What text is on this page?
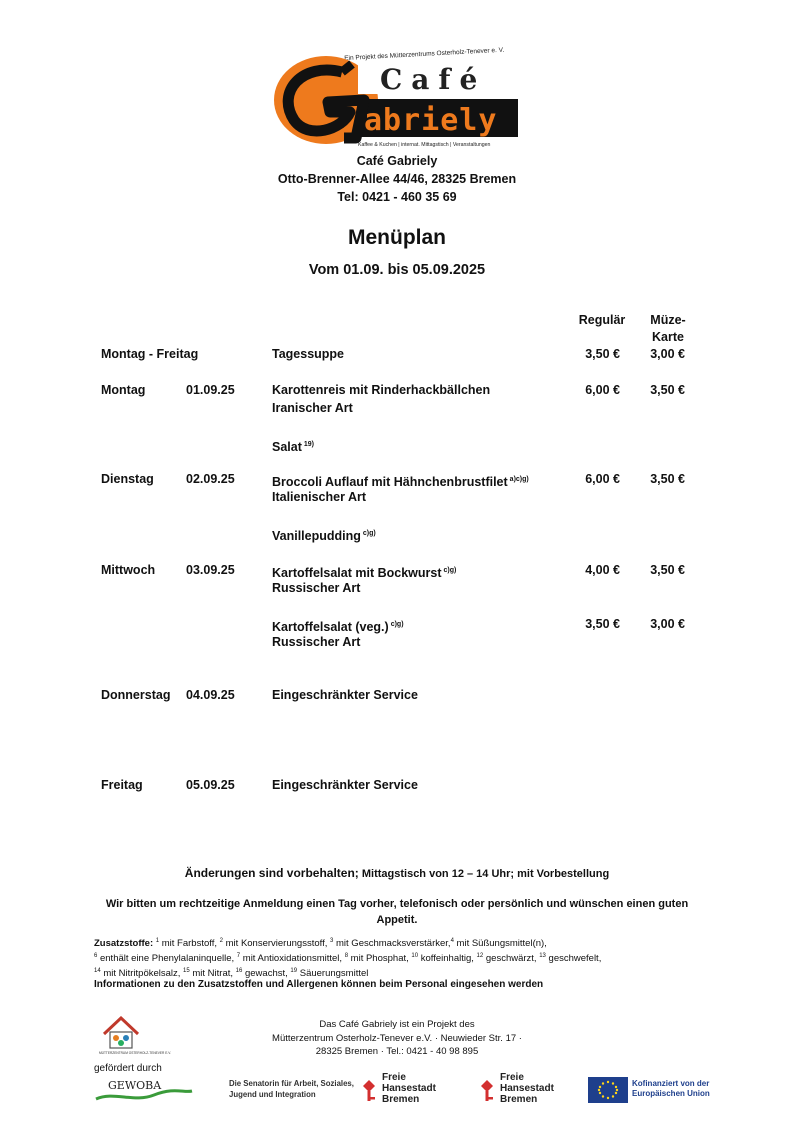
Ein Projekt des Mütterzentrums Osterholz-Tenever e. V.
Café
abriely
Kaffee & Kuchen | internat. Mittagstisch | Veranstaltungen
Café Gabriely
Otto-Brenner-Allee 44/46, 28325 Bremen
Tel: 0421 - 460 35 69
Menüplan
Vom 01.09. bis 05.09.2025
Regulär	Müze-
Karte
Montag - Freitag	Tagessuppe	3,50 €	3,00 €
Montag	01.09.25	Karottenreis mit Rinderhackbällchen
Iranischer Art
6,00 €	3,50 €
Salat $^{19)}$
Dienstag	02.09.25	Broccoli Auflauf mit Hähnchenbrustfilet $^{a)c)g)}$
Italienischer Art
6,00 €	3,50 €
Vanillepudding $^{c)g)}$
Mittwoch 03.09.25	Kartoffelsalat mit Bockwurst $^{c)g)}$
Russischer Art
4,00 €	3,50 €
Kartoffelsalat (veg.) $^{c)g)}$
Russischer Art
3,50 €	3,00 €
Donnerstag 04.09.25	Eingeschränkter Service
Freitag	05.09.25	Eingeschränkter Service
Änderungen sind vorbehalten; Mittagstisch von 12 – 14 Uhr; mit Vorbestellung
Wir bitten um rechtzeitige Anmeldung einen Tag vorher, telefonisch oder persönlich und wünschen einen guten Appetit.
Zusatzstoffe: $^1$ mit Farbstoff, $^2$ mit Konservierungsstoff, $^3$ mit Geschmacksverstärker,$^4$ mit Süßungsmittel(n),
$^6$ enthält eine Phenylalaninquelle, $^7$ mit Antioxidationsmittel, $^8$ mit Phosphat, $^{10}$ koffeinhaltig, $^{12}$ geschwärzt, $^{13}$ geschwefelt,
$^{14}$ mit Nitritpökelsalz, $^{15}$ mit Nitrat, $^{16}$ gewachst, $^{19}$ Säuerungsmittel
Informationen zu den Zusatzstoffen und Allergenen können beim Personal eingesehen werden
MÜTTERZENTRUM OSTERHOLZ-TENEVER E.V.
Das Café Gabriely ist ein Projekt des
Mütterzentrum Osterholz-Tenever e.V. · Neuwieder Str. 17 ·
28325 Bremen · Tel.: 0421 - 40 98 895
gefördert durch
GEWOBA	Die Senatorin für Arbeit, Soziales,
Jugend und Integration
Freie
Hansestadt
Bremen
Freie
Hansestadt
Bremen
Kofinanziert von der
Europäischen Union
